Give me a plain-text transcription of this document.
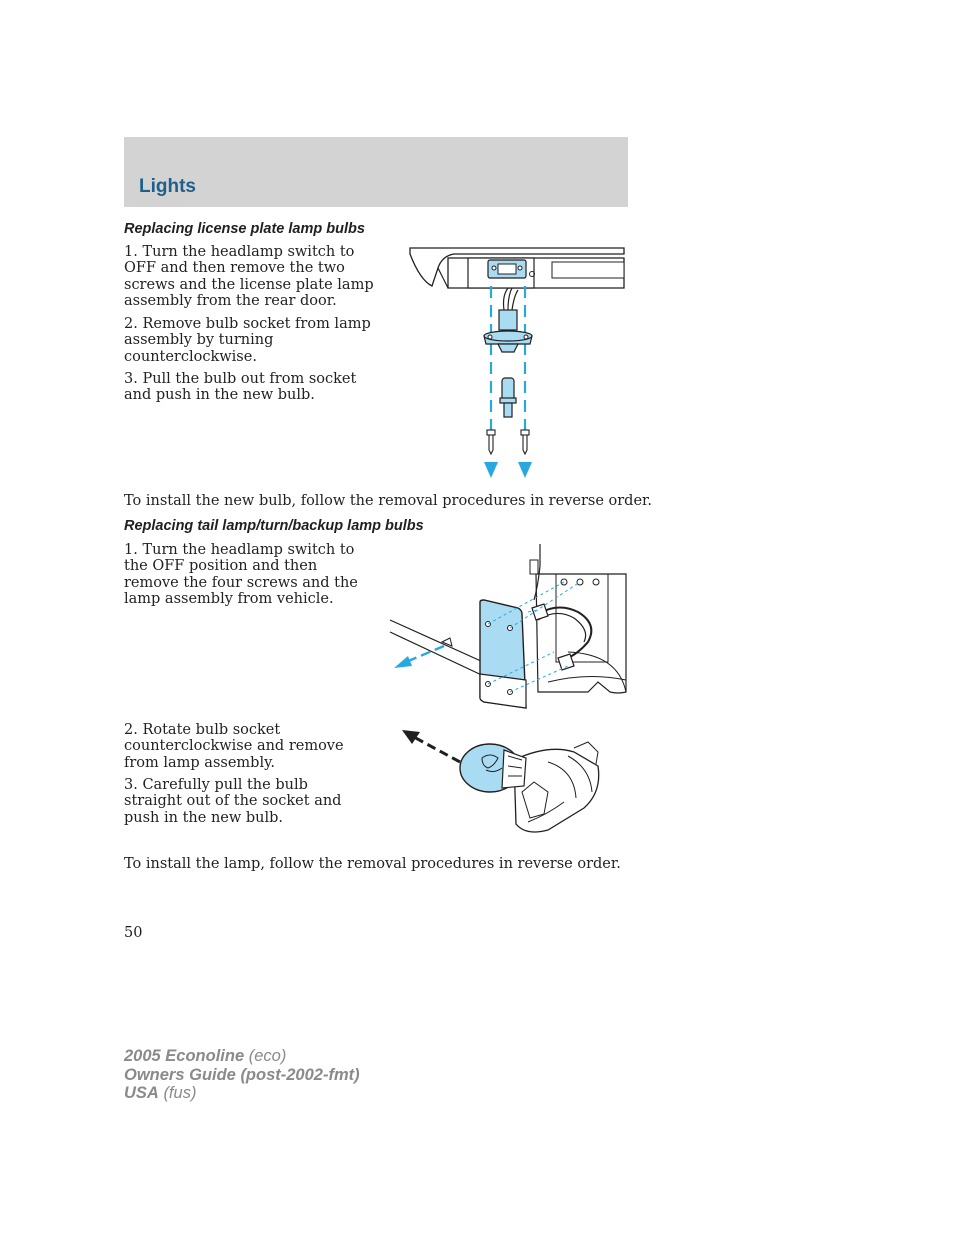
Lights
Replacing license plate lamp bulbs

1. Turn the headlamp switch to OFF and then remove the two screws and the license plate lamp assembly from the rear door.

2. Remove bulb socket from lamp assembly by turning counterclockwise.

3. Pull the bulb out from socket and push in the new bulb.

To install the new bulb, follow the removal procedures in reverse order.

Replacing tail lamp/turn/backup lamp bulbs

1. Turn the headlamp switch to the OFF position and then remove the four screws and the lamp assembly from vehicle.

2. Rotate bulb socket counterclockwise and remove from lamp assembly.

3. Carefully pull the bulb straight out of the socket and push in the new bulb.

To install the lamp, follow the removal procedures in reverse order.

50
2005 Econoline (eco)
Owners Guide (post-2002-fmt)
USA (fus)
